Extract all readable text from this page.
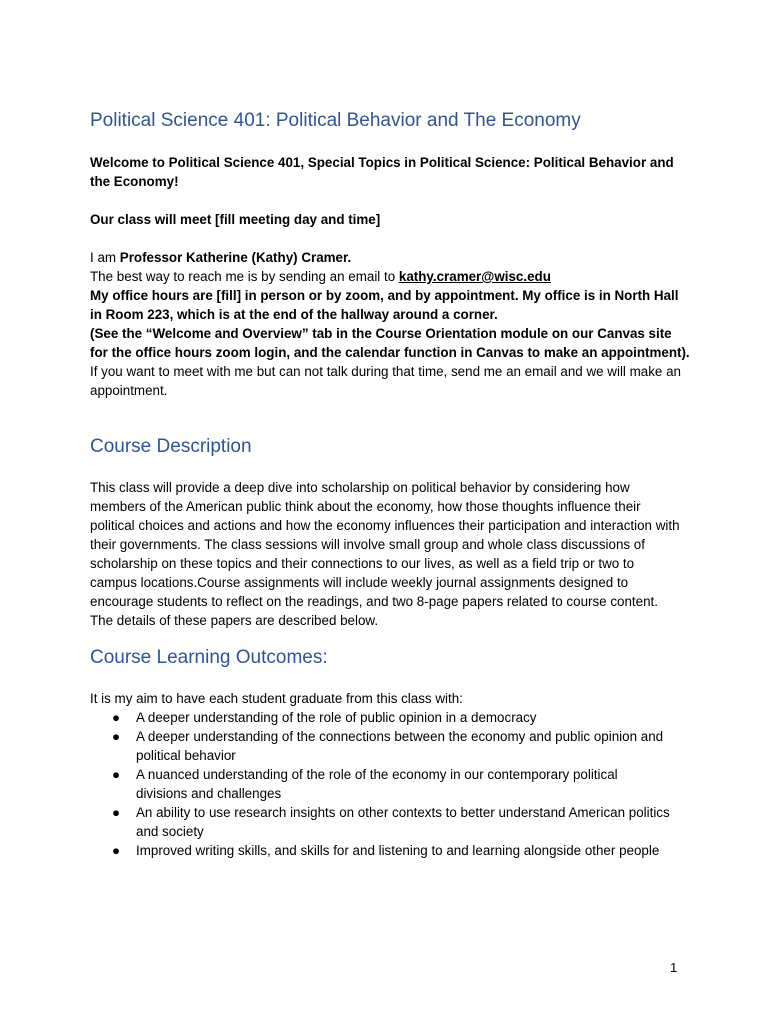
Political Science 401: Political Behavior and The Economy
Welcome to Political Science 401, Special Topics in Political Science: Political Behavior and the Economy!
Our class will meet [fill meeting day and time]
I am Professor Katherine (Kathy) Cramer.
The best way to reach me is by sending an email to kathy.cramer@wisc.edu
My office hours are [fill] in person or by zoom, and by appointment. My office is in North Hall in Room 223, which is at the end of the hallway around a corner.
(See the “Welcome and Overview” tab in the Course Orientation module on our Canvas site for the office hours zoom login, and the calendar function in Canvas to make an appointment). If you want to meet with me but can not talk during that time, send me an email and we will make an appointment.
Course Description
This class will provide a deep dive into scholarship on political behavior by considering how members of the American public think about the economy, how those thoughts influence their political choices and actions and how the economy influences their participation and interaction with their governments. The class sessions will involve small group and whole class discussions of scholarship on these topics and their connections to our lives, as well as a field trip or two to campus locations.Course assignments will include weekly journal assignments designed to encourage students to reflect on the readings, and two 8-page papers related to course content. The details of these papers are described below.
Course Learning Outcomes:
It is my aim to have each student graduate from this class with:
● A deeper understanding of the role of public opinion in a democracy
● A deeper understanding of the connections between the economy and public opinion and political behavior
● A nuanced understanding of the role of the economy in our contemporary political divisions and challenges
● An ability to use research insights on other contexts to better understand American politics and society
● Improved writing skills, and skills for and listening to and learning alongside other people
1
